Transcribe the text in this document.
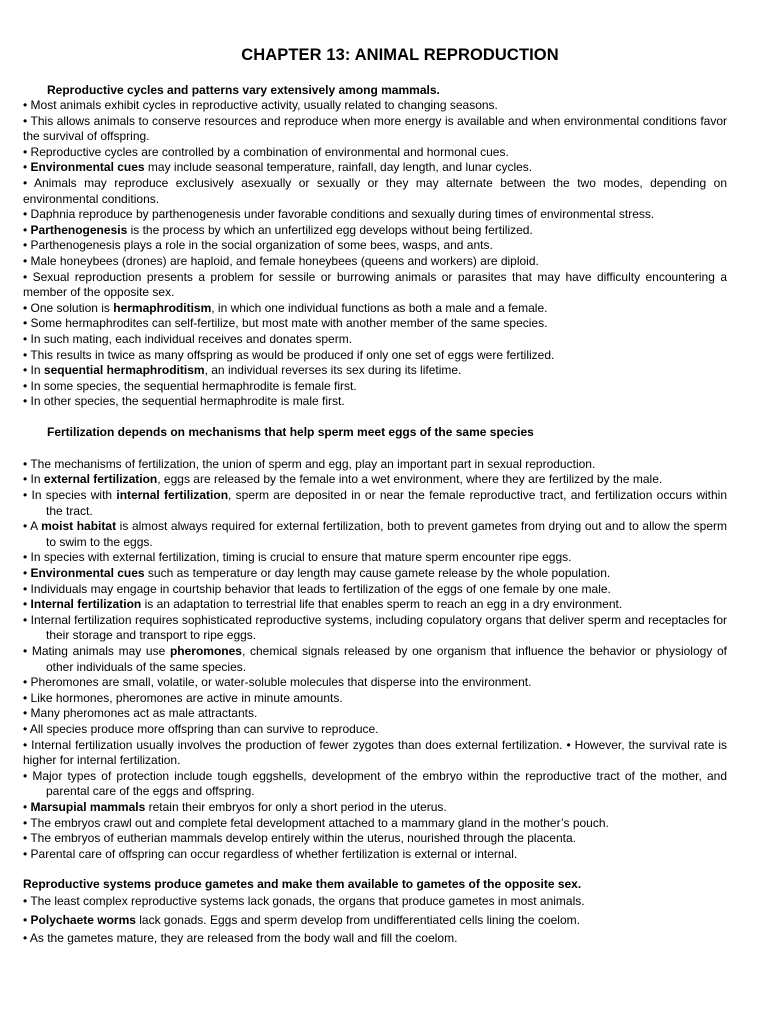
CHAPTER 13: ANIMAL REPRODUCTION
Reproductive cycles and patterns vary extensively among mammals.
• Most animals exhibit cycles in reproductive activity, usually related to changing seasons.
• This allows animals to conserve resources and reproduce when more energy is available and when environmental conditions favor the survival of offspring.
• Reproductive cycles are controlled by a combination of environmental and hormonal cues.
• Environmental cues may include seasonal temperature, rainfall, day length, and lunar cycles.
• Animals may reproduce exclusively asexually or sexually or they may alternate between the two modes, depending on environmental conditions.
• Daphnia reproduce by parthenogenesis under favorable conditions and sexually during times of environmental stress.
• Parthenogenesis is the process by which an unfertilized egg develops without being fertilized.
• Parthenogenesis plays a role in the social organization of some bees, wasps, and ants.
• Male honeybees (drones) are haploid, and female honeybees (queens and workers) are diploid.
• Sexual reproduction presents a problem for sessile or burrowing animals or parasites that may have difficulty encountering a member of the opposite sex.
• One solution is hermaphroditism, in which one individual functions as both a male and a female.
• Some hermaphrodites can self-fertilize, but most mate with another member of the same species.
• In such mating, each individual receives and donates sperm.
• This results in twice as many offspring as would be produced if only one set of eggs were fertilized.
• In sequential hermaphroditism, an individual reverses its sex during its lifetime.
• In some species, the sequential hermaphrodite is female first.
• In other species, the sequential hermaphrodite is male first.
Fertilization depends on mechanisms that help sperm meet eggs of the same species
• The mechanisms of fertilization, the union of sperm and egg, play an important part in sexual reproduction.
• In external fertilization, eggs are released by the female into a wet environment, where they are fertilized by the male.
• In species with internal fertilization, sperm are deposited in or near the female reproductive tract, and fertilization occurs within the tract.
• A moist habitat is almost always required for external fertilization, both to prevent gametes from drying out and to allow the sperm to swim to the eggs.
• In species with external fertilization, timing is crucial to ensure that mature sperm encounter ripe eggs.
• Environmental cues such as temperature or day length may cause gamete release by the whole population.
• Individuals may engage in courtship behavior that leads to fertilization of the eggs of one female by one male.
• Internal fertilization is an adaptation to terrestrial life that enables sperm to reach an egg in a dry environment.
• Internal fertilization requires sophisticated reproductive systems, including copulatory organs that deliver sperm and receptacles for their storage and transport to ripe eggs.
• Mating animals may use pheromones, chemical signals released by one organism that influence the behavior or physiology of other individuals of the same species.
• Pheromones are small, volatile, or water-soluble molecules that disperse into the environment.
• Like hormones, pheromones are active in minute amounts.
• Many pheromones act as male attractants.
• All species produce more offspring than can survive to reproduce.
• Internal fertilization usually involves the production of fewer zygotes than does external fertilization. • However, the survival rate is higher for internal fertilization.
• Major types of protection include tough eggshells, development of the embryo within the reproductive tract of the mother, and parental care of the eggs and offspring.
• Marsupial mammals retain their embryos for only a short period in the uterus.
• The embryos crawl out and complete fetal development attached to a mammary gland in the mother’s pouch.
• The embryos of eutherian mammals develop entirely within the uterus, nourished through the placenta.
• Parental care of offspring can occur regardless of whether fertilization is external or internal.
Reproductive systems produce gametes and make them available to gametes of the opposite sex.
• The least complex reproductive systems lack gonads, the organs that produce gametes in most animals.
• Polychaete worms lack gonads. Eggs and sperm develop from undifferentiated cells lining the coelom.
• As the gametes mature, they are released from the body wall and fill the coelom.
